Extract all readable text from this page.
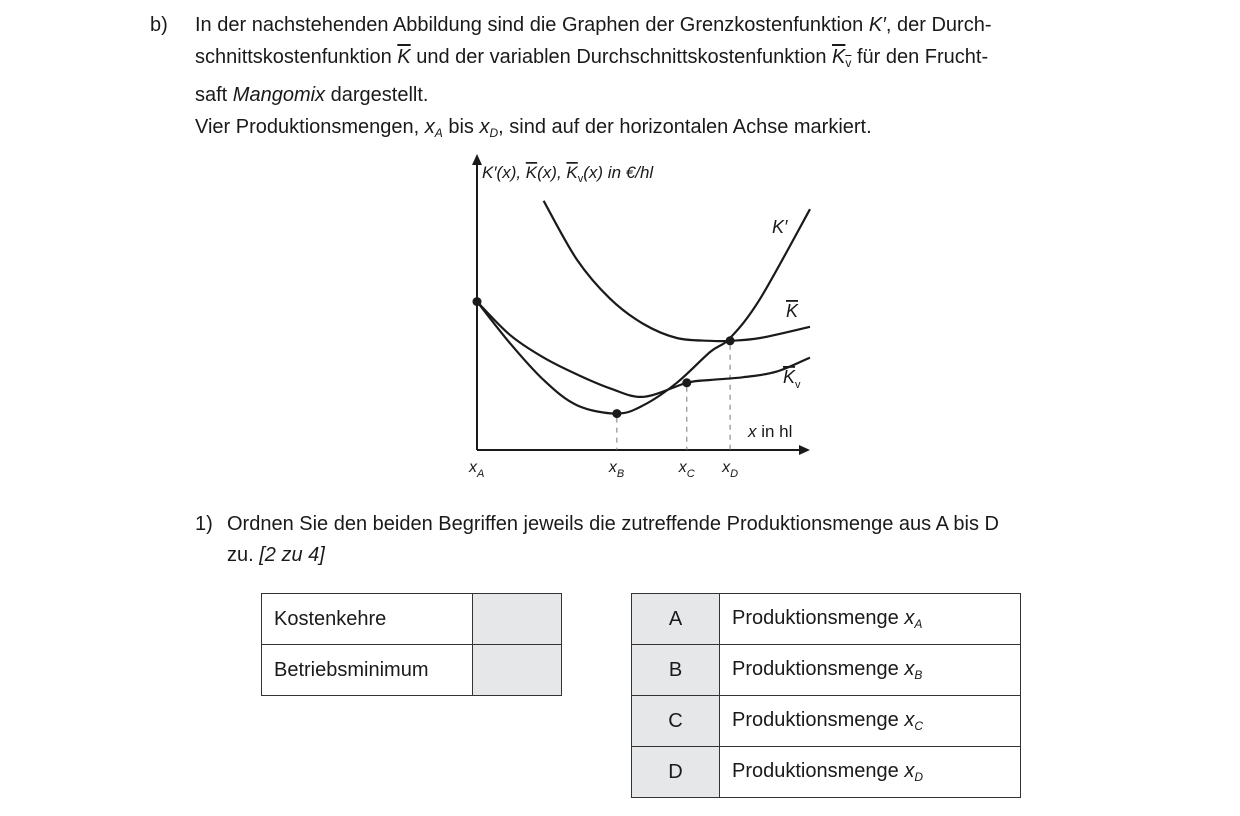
b) In der nachstehenden Abbildung sind die Graphen der Grenzkostenfunktion K′, der Durch-
schnittskostenfunktion $\overline{K}$ und der variablen Durchschnittskostenfunktion $\overline{K}_{\overline{v}}$ für den Frucht-
saft Mangomix dargestellt.
Vier Produktionsmengen, $x_A$ bis $x_D$, sind auf der horizontalen Achse markiert.
$x_A$	$x_B$	$x_C$ $x_D$
K′(x), K(x), $K_v(x)$ in €/hl
x in hl
K′
K
$K_v$
1) Ordnen Sie den beiden Begriffen jeweils die zutreffende Produktionsmenge aus A bis D
zu. [2 zu 4]
Kostenkehre	
Betriebsminimum	
A	Produktionsmenge $x_A$
B	Produktionsmenge $x_B$
C	Produktionsmenge $x_C$
D	Produktionsmenge $x_D$
